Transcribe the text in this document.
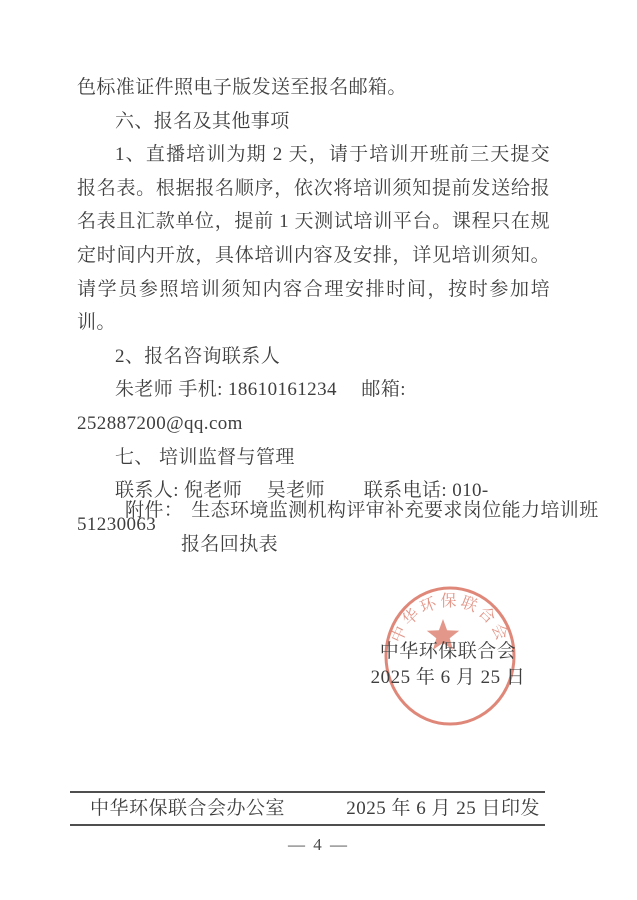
色标准证件照电子版发送至报名邮箱。

六、报名及其他事项

1、直播培训为期 2 天，请于培训开班前三天提交报名表。根据报名顺序，依次将培训须知提前发送给报名表且汇款单位，提前 1 天测试培训平台。课程只在规定时间内开放，具体培训内容及安排，详见培训须知。请学员参照培训须知内容合理安排时间，按时参加培训。

2、报名咨询联系人

朱老师 手机: 18610161234　 邮箱: 252887200@qq.com

七、 培训监督与管理

联系人: 倪老师　 吴老师　　联系电话: 010-51230063

附件： 生态环境监测机构评审补充要求岗位能力培训班报名回执表

中华环保联合会
中华环保联合会
2025 年 6 月 25 日
中华环保联合会办公室	2025 年 6 月 25 日印发
— 4 —
